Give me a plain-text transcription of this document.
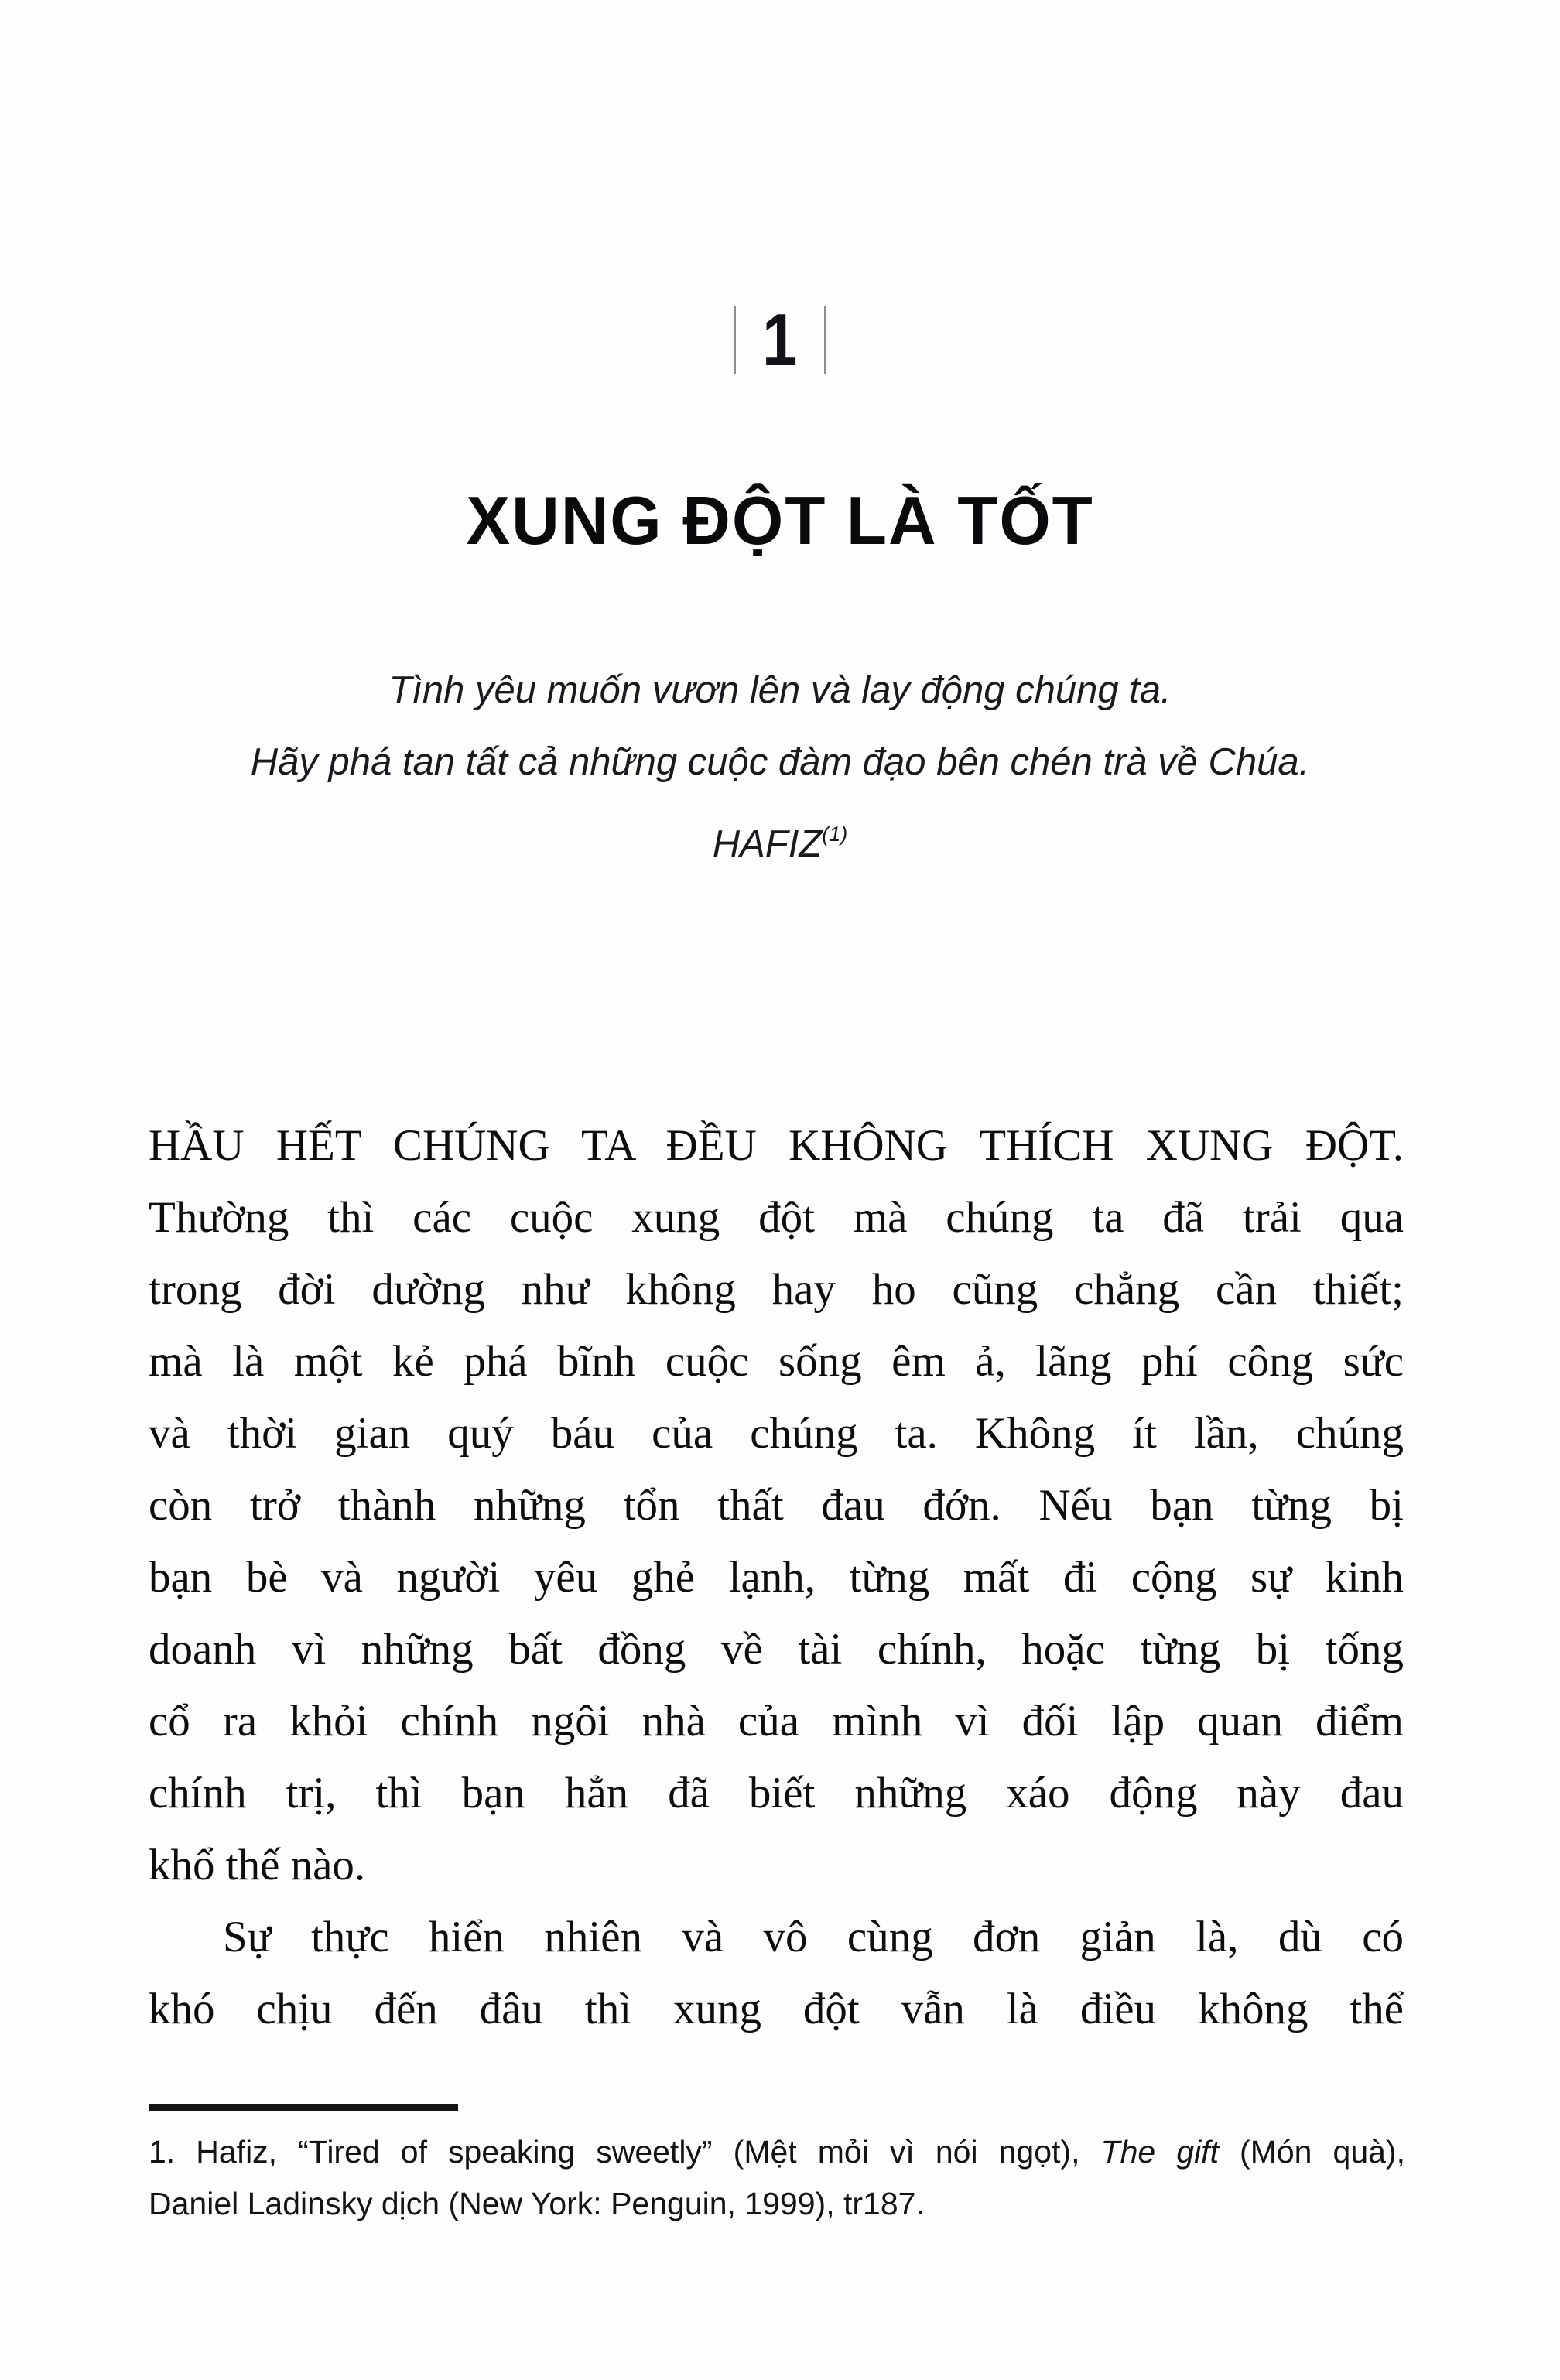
1
XUNG ĐỘT LÀ TỐT
Tình yêu muốn vươn lên và lay động chúng ta.
Hãy phá tan tất cả những cuộc đàm đạo bên chén trà về Chúa.
HAFIZ$^{(1)}$
HẦU HẾT CHÚNG TA ĐỀU KHÔNG THÍCH XUNG ĐỘT.
Thường thì các cuộc xung đột mà chúng ta đã trải qua
trong đời dường như không hay ho cũng chẳng cần thiết;
mà là một kẻ phá bĩnh cuộc sống êm ả, lãng phí công sức
và thời gian quý báu của chúng ta. Không ít lần, chúng
còn trở thành những tổn thất đau đớn. Nếu bạn từng bị
bạn bè và người yêu ghẻ lạnh, từng mất đi cộng sự kinh
doanh vì những bất đồng về tài chính, hoặc từng bị tống
cổ ra khỏi chính ngôi nhà của mình vì đối lập quan điểm
chính trị, thì bạn hẳn đã biết những xáo động này đau
khổ thế nào.
Sự thực hiển nhiên và vô cùng đơn giản là, dù có
khó chịu đến đâu thì xung đột vẫn là điều không thể
1. Hafiz, “Tired of speaking sweetly” (Mệt mỏi vì nói ngọt), The gift (Món quà),
Daniel Ladinsky dịch (New York: Penguin, 1999), tr187.
